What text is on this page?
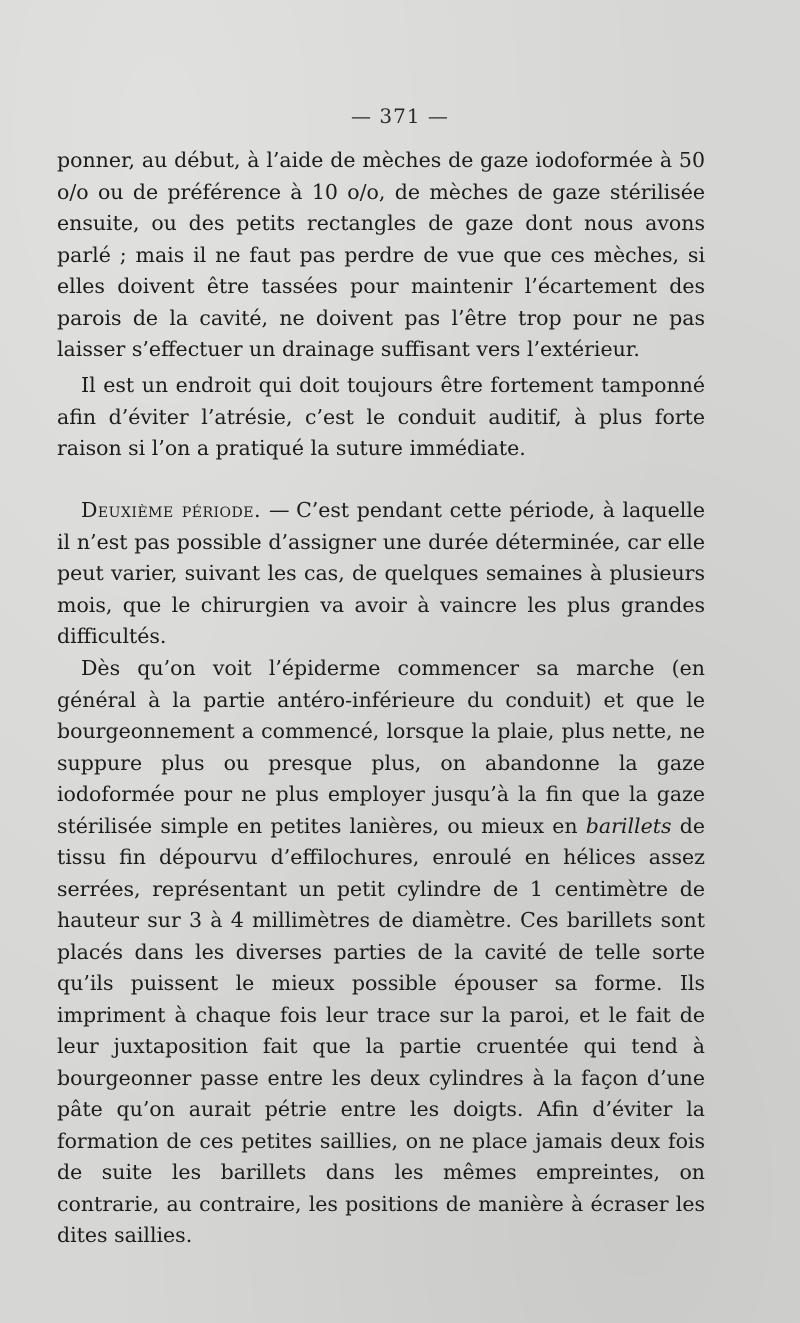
— 371 —

ponner, au début, à l’aide de mèches de gaze iodoformée à 50 o/o ou de préférence à 10 o/o, de mèches de gaze stérilisée ensuite, ou des petits rectangles de gaze dont nous avons parlé ; mais il ne faut pas perdre de vue que ces mèches, si elles doivent être tassées pour maintenir l’écartement des parois de la cavité, ne doivent pas l’être trop pour ne pas laisser s’effectuer un drainage suffisant vers l’extérieur.

Il est un endroit qui doit toujours être fortement tamponné afin d’éviter l’atrésie, c’est le conduit auditif, à plus forte raison si l’on a pratiqué la suture immédiate.

Deuxième période. — C’est pendant cette période, à laquelle il n’est pas possible d’assigner une durée déterminée, car elle peut varier, suivant les cas, de quelques semaines à plusieurs mois, que le chirurgien va avoir à vaincre les plus grandes difficultés.

Dès qu’on voit l’épiderme commencer sa marche (en général à la partie antéro-inférieure du conduit) et que le bourgeonnement a commencé, lorsque la plaie, plus nette, ne suppure plus ou presque plus, on abandonne la gaze iodoformée pour ne plus employer jusqu’à la fin que la gaze stérilisée simple en petites lanières, ou mieux en barillets de tissu fin dépourvu d’effilochures, enroulé en hélices assez serrées, représentant un petit cylindre de 1 centimètre de hauteur sur 3 à 4 millimètres de diamètre. Ces barillets sont placés dans les diverses parties de la cavité de telle sorte qu’ils puissent le mieux possible épouser sa forme. Ils impriment à chaque fois leur trace sur la paroi, et le fait de leur juxtaposition fait que la partie cruentée qui tend à bourgeonner passe entre les deux cylindres à la façon d’une pâte qu’on aurait pétrie entre les doigts. Afin d’éviter la formation de ces petites saillies, on ne place jamais deux fois de suite les barillets dans les mêmes empreintes, on contrarie, au contraire, les positions de manière à écraser les dites saillies.
